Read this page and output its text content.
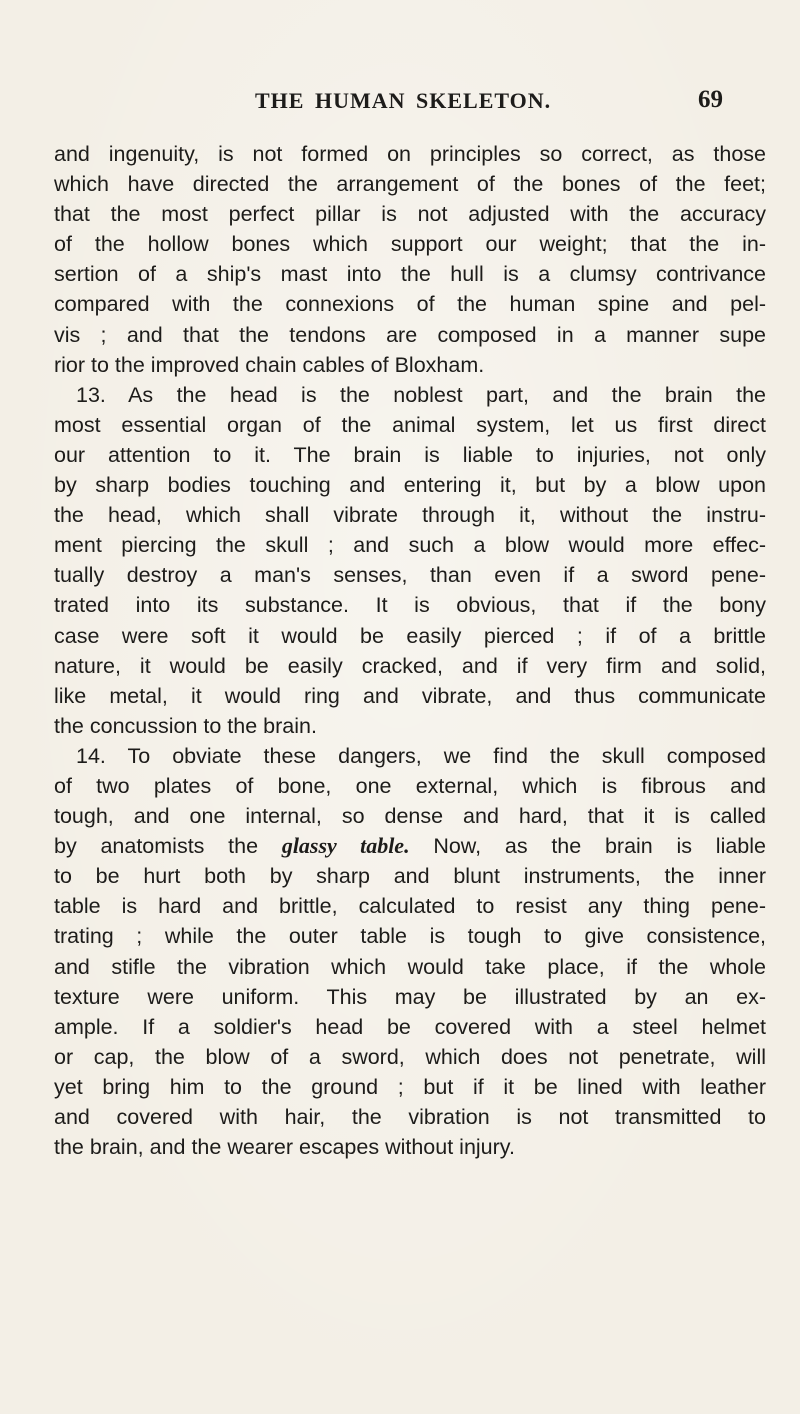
THE HUMAN SKELETON.	69
and ingenuity, is not formed on principles so correct, as those
which have directed the arrangement of the bones of the feet;
that the most perfect pillar is not adjusted with the accuracy
of the hollow bones which support our weight; that the in-
sertion of a ship's mast into the hull is a clumsy contrivance
compared with the connexions of the human spine and pel-
vis ; and that the tendons are composed in a manner supe
rior to the improved chain cables of Bloxham.
13. As the head is the noblest part, and the brain the
most essential organ of the animal system, let us first direct
our attention to it. The brain is liable to injuries, not only
by sharp bodies touching and entering it, but by a blow upon
the head, which shall vibrate through it, without the instru-
ment piercing the skull ; and such a blow would more effec-
tually destroy a man's senses, than even if a sword pene-
trated into its substance. It is obvious, that if the bony
case were soft it would be easily pierced ; if of a brittle
nature, it would be easily cracked, and if very firm and solid,
like metal, it would ring and vibrate, and thus communicate
the concussion to the brain.
14. To obviate these dangers, we find the skull composed
of two plates of bone, one external, which is fibrous and
tough, and one internal, so dense and hard, that it is called
by anatomists the glassy table. Now, as the brain is liable
to be hurt both by sharp and blunt instruments, the inner
table is hard and brittle, calculated to resist any thing pene-
trating ; while the outer table is tough to give consistence,
and stifle the vibration which would take place, if the whole
texture were uniform. This may be illustrated by an ex-
ample. If a soldier's head be covered with a steel helmet
or cap, the blow of a sword, which does not penetrate, will
yet bring him to the ground ; but if it be lined with leather
and covered with hair, the vibration is not transmitted to
the brain, and the wearer escapes without injury.
